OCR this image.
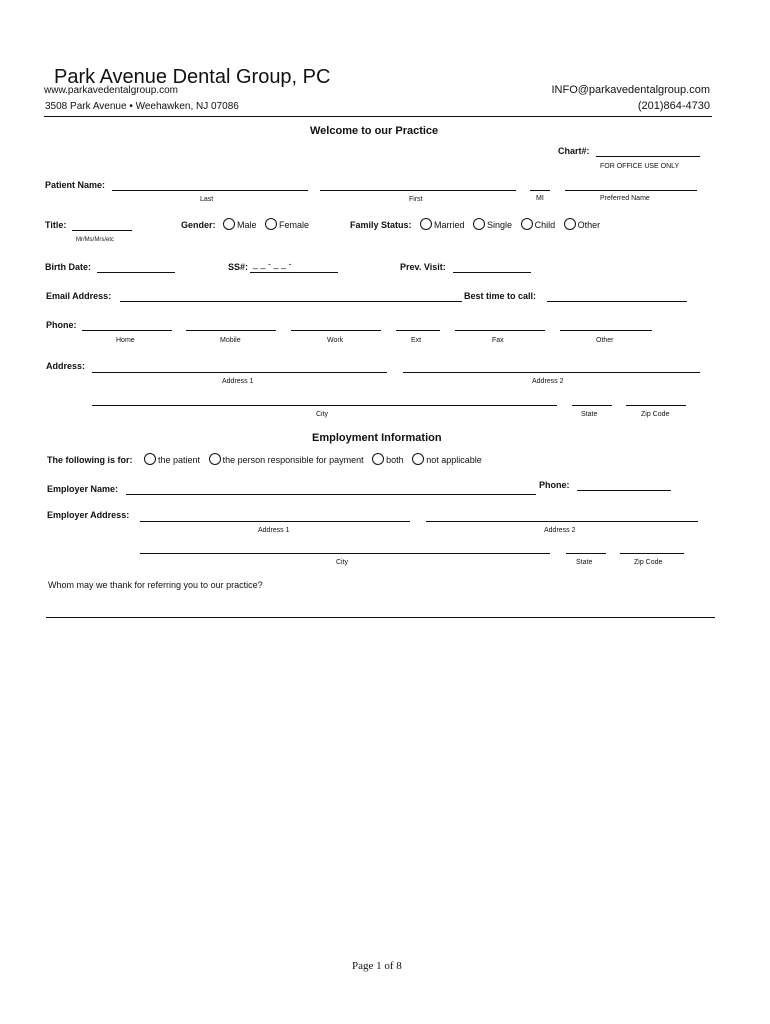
Park Avenue Dental Group, PC
www.parkavedentalgroup.com
3508 Park Avenue • Weehawken, NJ 07086
INFO@parkavedentalgroup.com
(201)864-4730
Welcome to our Practice
Chart#:
FOR OFFICE USE ONLY
Patient Name:
Last	First	MI	Preferred Name
Title:
Mr/Ms/Mrs/etc
Gender:	Male	Female	Family Status:	Married	Single	Child	Other
Birth Date:	SS#: _ _ - _ _ -	Prev. Visit:
Email Address:	Best time to call:
Phone:
Home	Mobile	Work	Ext	Fax	Other
Address:
Address 1	Address 2
City	State	Zip Code
Employment Information
The following is for:	the patient	the person responsible for payment	both	not applicable
Employer Name:	Phone:
Employer Address:
Address 1	Address 2
City	State	Zip Code
Whom may we thank for referring you to our practice?
Page 1 of 8
